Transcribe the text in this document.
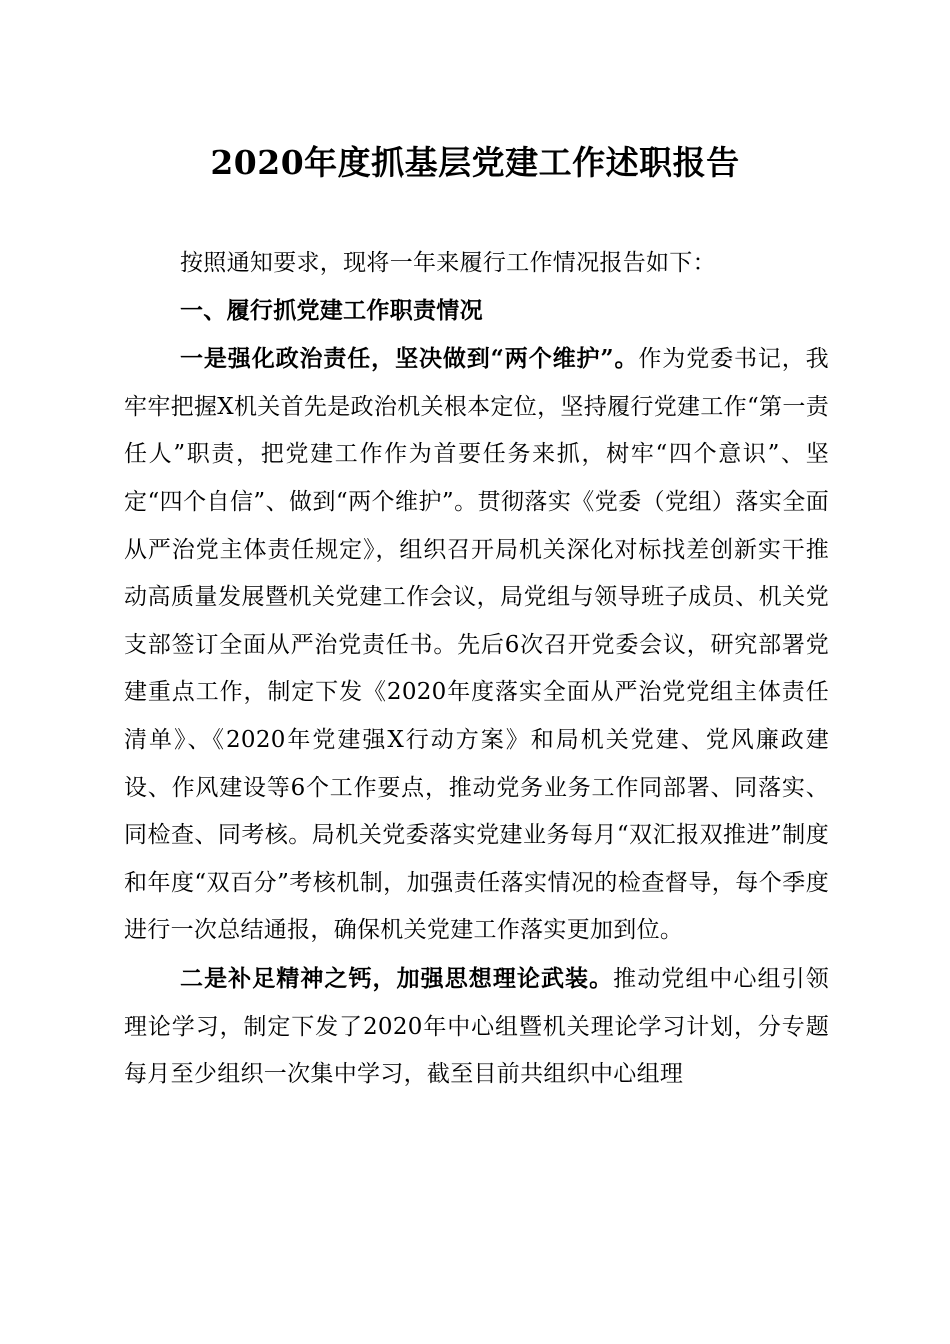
2020年度抓基层党建工作述职报告

按照通知要求，现将一年来履行工作情况报告如下：

一、履行抓党建工作职责情况

一是强化政治责任，坚决做到“两个维护”。作为党委书记，我牢牢把握X机关首先是政治机关根本定位，坚持履行党建工作“第一责任人”职责，把党建工作作为首要任务来抓，树牢“四个意识”、坚定“四个自信”、做到“两个维护”。贯彻落实《党委（党组）落实全面从严治党主体责任规定》，组织召开局机关深化对标找差创新实干推动高质量发展暨机关党建工作会议，局党组与领导班子成员、机关党支部签订全面从严治党责任书。先后6次召开党委会议，研究部署党建重点工作，制定下发《2020年度落实全面从严治党党组主体责任清单》、《2020年党建强X行动方案》和局机关党建、党风廉政建设、作风建设等6个工作要点，推动党务业务工作同部署、同落实、同检查、同考核。局机关党委落实党建业务每月“双汇报双推进”制度和年度“双百分”考核机制，加强责任落实情况的检查督导，每个季度进行一次总结通报，确保机关党建工作落实更加到位。

二是补足精神之钙，加强思想理论武装。推动党组中心组引领理论学习，制定下发了2020年中心组暨机关理论学习计划，分专题每月至少组织一次集中学习，截至目前共组织中心组理
